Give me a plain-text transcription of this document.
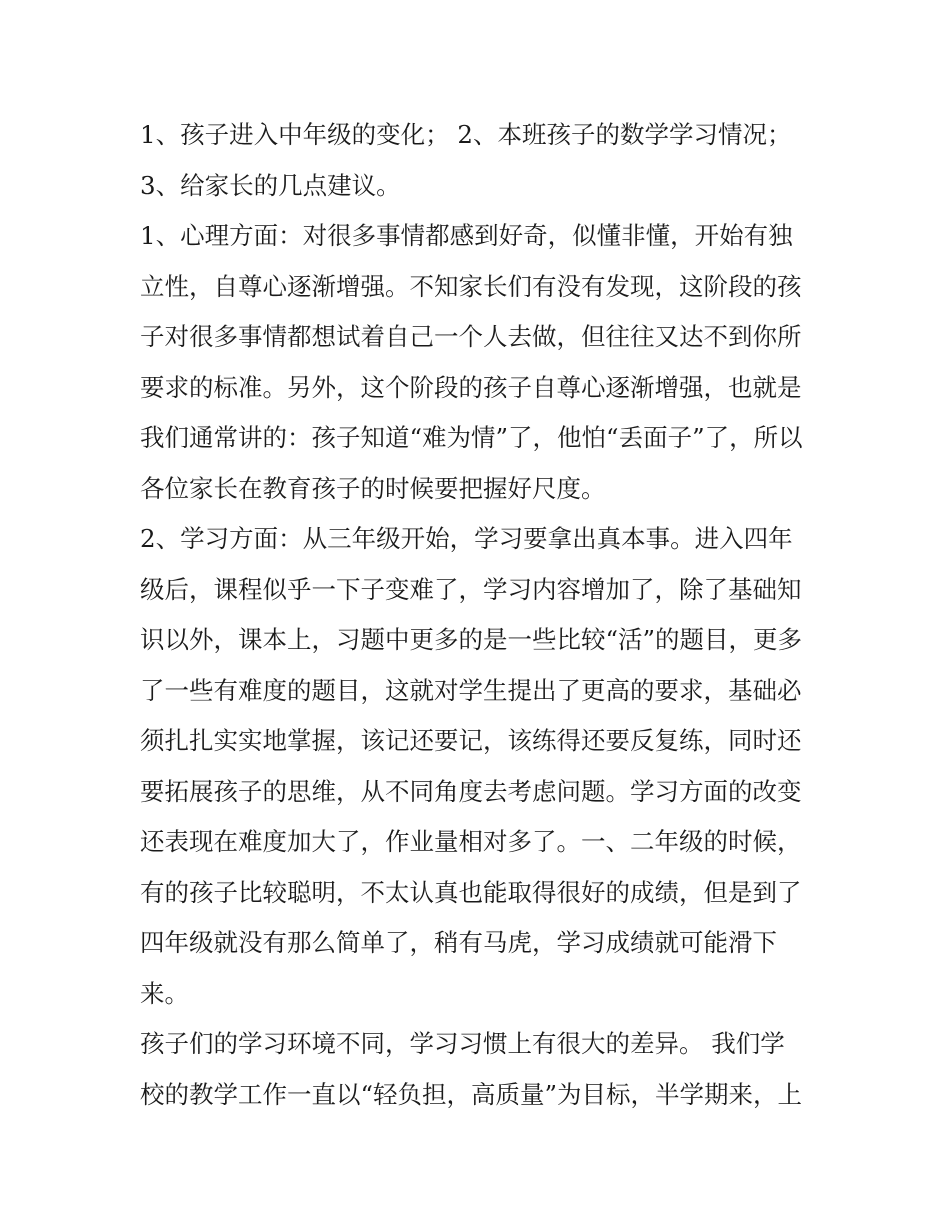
1、孩子进入中年级的变化； 2、本班孩子的数学学习情况；
3、给家长的几点建议。
1、心理方面：对很多事情都感到好奇，似懂非懂，开始有独
立性，自尊心逐渐增强。不知家长们有没有发现，这阶段的孩
子对很多事情都想试着自己一个人去做，但往往又达不到你所
要求的标准。另外，这个阶段的孩子自尊心逐渐增强，也就是
我们通常讲的：孩子知道“难为情”了，他怕“丢面子”了，所以
各位家长在教育孩子的时候要把握好尺度。
2、学习方面：从三年级开始，学习要拿出真本事。进入四年
级后，课程似乎一下子变难了，学习内容增加了，除了基础知
识以外，课本上，习题中更多的是一些比较“活”的题目，更多
了一些有难度的题目，这就对学生提出了更高的要求，基础必
须扎扎实实地掌握，该记还要记，该练得还要反复练，同时还
要拓展孩子的思维，从不同角度去考虑问题。学习方面的改变
还表现在难度加大了，作业量相对多了。一、二年级的时候，
有的孩子比较聪明，不太认真也能取得很好的成绩，但是到了
四年级就没有那么简单了，稍有马虎，学习成绩就可能滑下
来。
孩子们的学习环境不同，学习习惯上有很大的差异。 我们学
校的教学工作一直以“轻负担，高质量”为目标，半学期来，上
